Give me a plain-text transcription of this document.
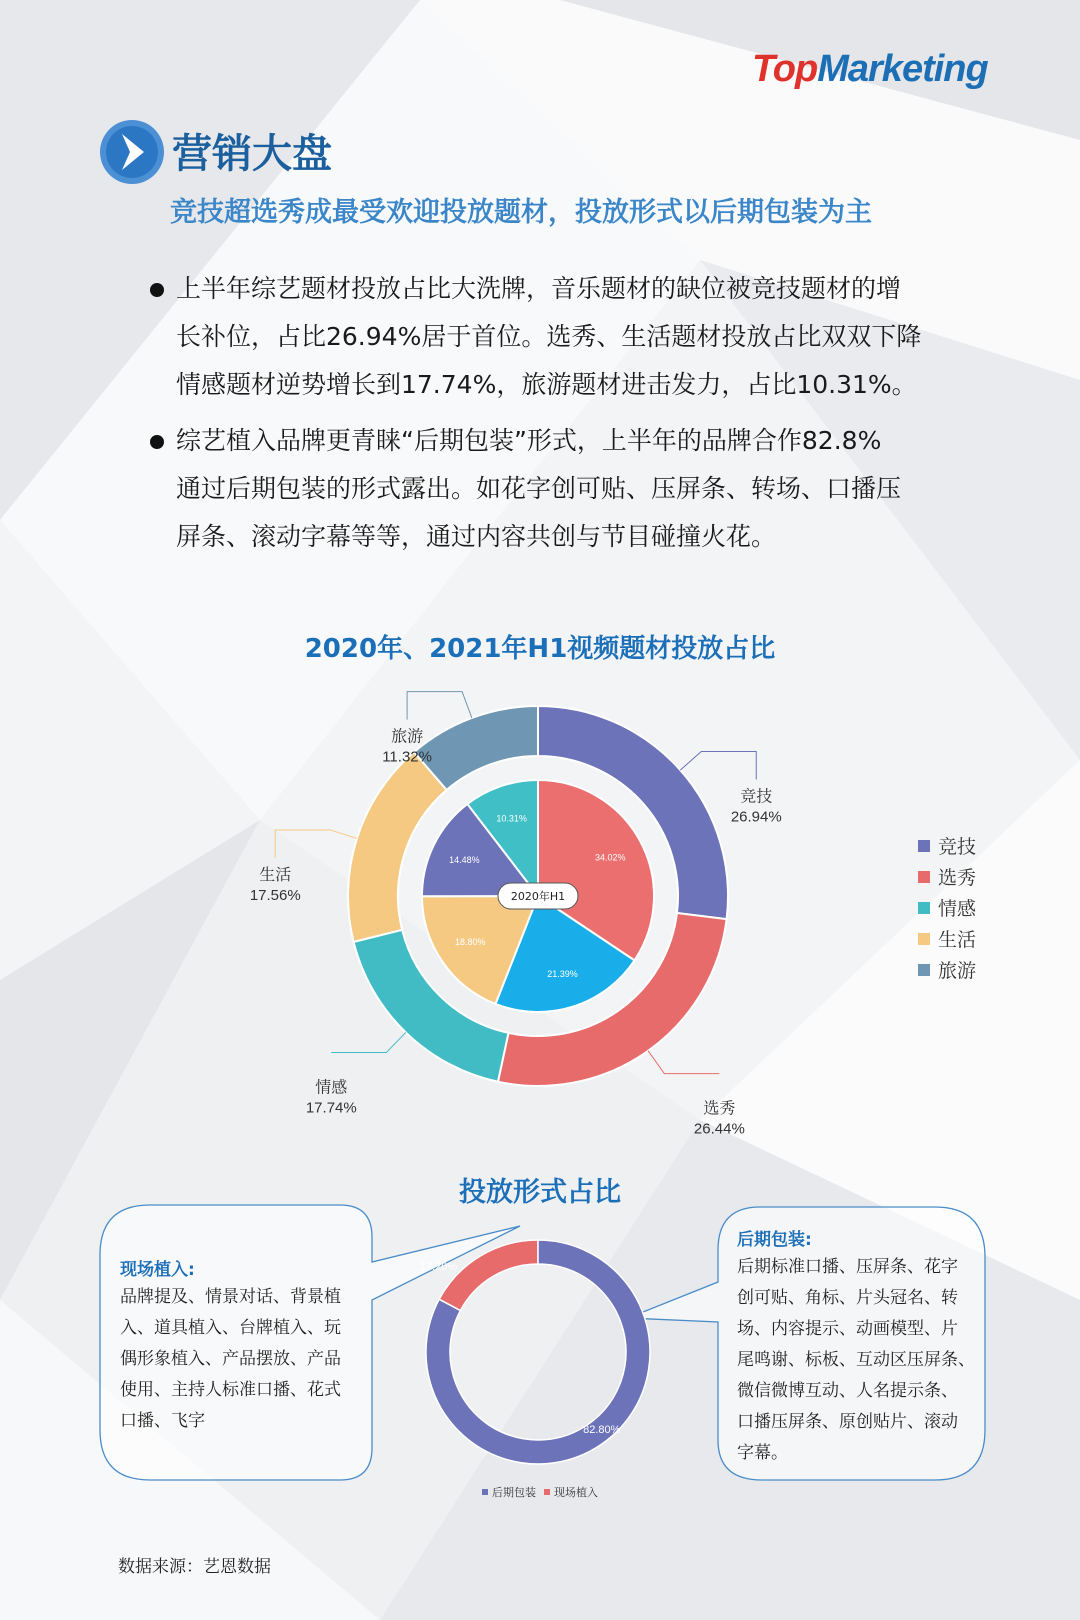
TopMarketing
营销大盘
竞技超选秀成最受欢迎投放题材，投放形式以后期包装为主
上半年综艺题材投放占比大洗牌，音乐题材的缺位被竞技题材的增
长补位，占比26.94%居于首位。选秀、生活题材投放占比双双下降
情感题材逆势增长到17.74%，旅游题材进击发力，占比10.31%。
综艺植入品牌更青睐“后期包装”形式，上半年的品牌合作82.8%
通过后期包装的形式露出。如花字创可贴、压屏条、转场、口播压
屏条、滚动字幕等等，通过内容共创与节目碰撞火花。
2020年、2021年H1视频题材投放占比
34.02%
21.39%
18.80%
14.48%
10.31%
2020年H1
竞技
26.94%
选秀
26.44%
情感
17.74%
生活
17.56%
旅游
11.32%
竞技
选秀
情感
生活
旅游
投放形式占比
17.20%
82.80%
现场植入:
品牌提及、情景对话、背景植
入、道具植入、台牌植入、玩
偶形象植入、产品摆放、产品
使用、主持人标准口播、花式
口播、飞字
后期包装:
后期标准口播、压屏条、花字
创可贴、角标、片头冠名、转
场、内容提示、动画模型、片
尾鸣谢、标板、互动区压屏条、
微信微博互动、人名提示条、
口播压屏条、原创贴片、滚动
字幕。
后期包装 现场植入
数据来源：艺恩数据
